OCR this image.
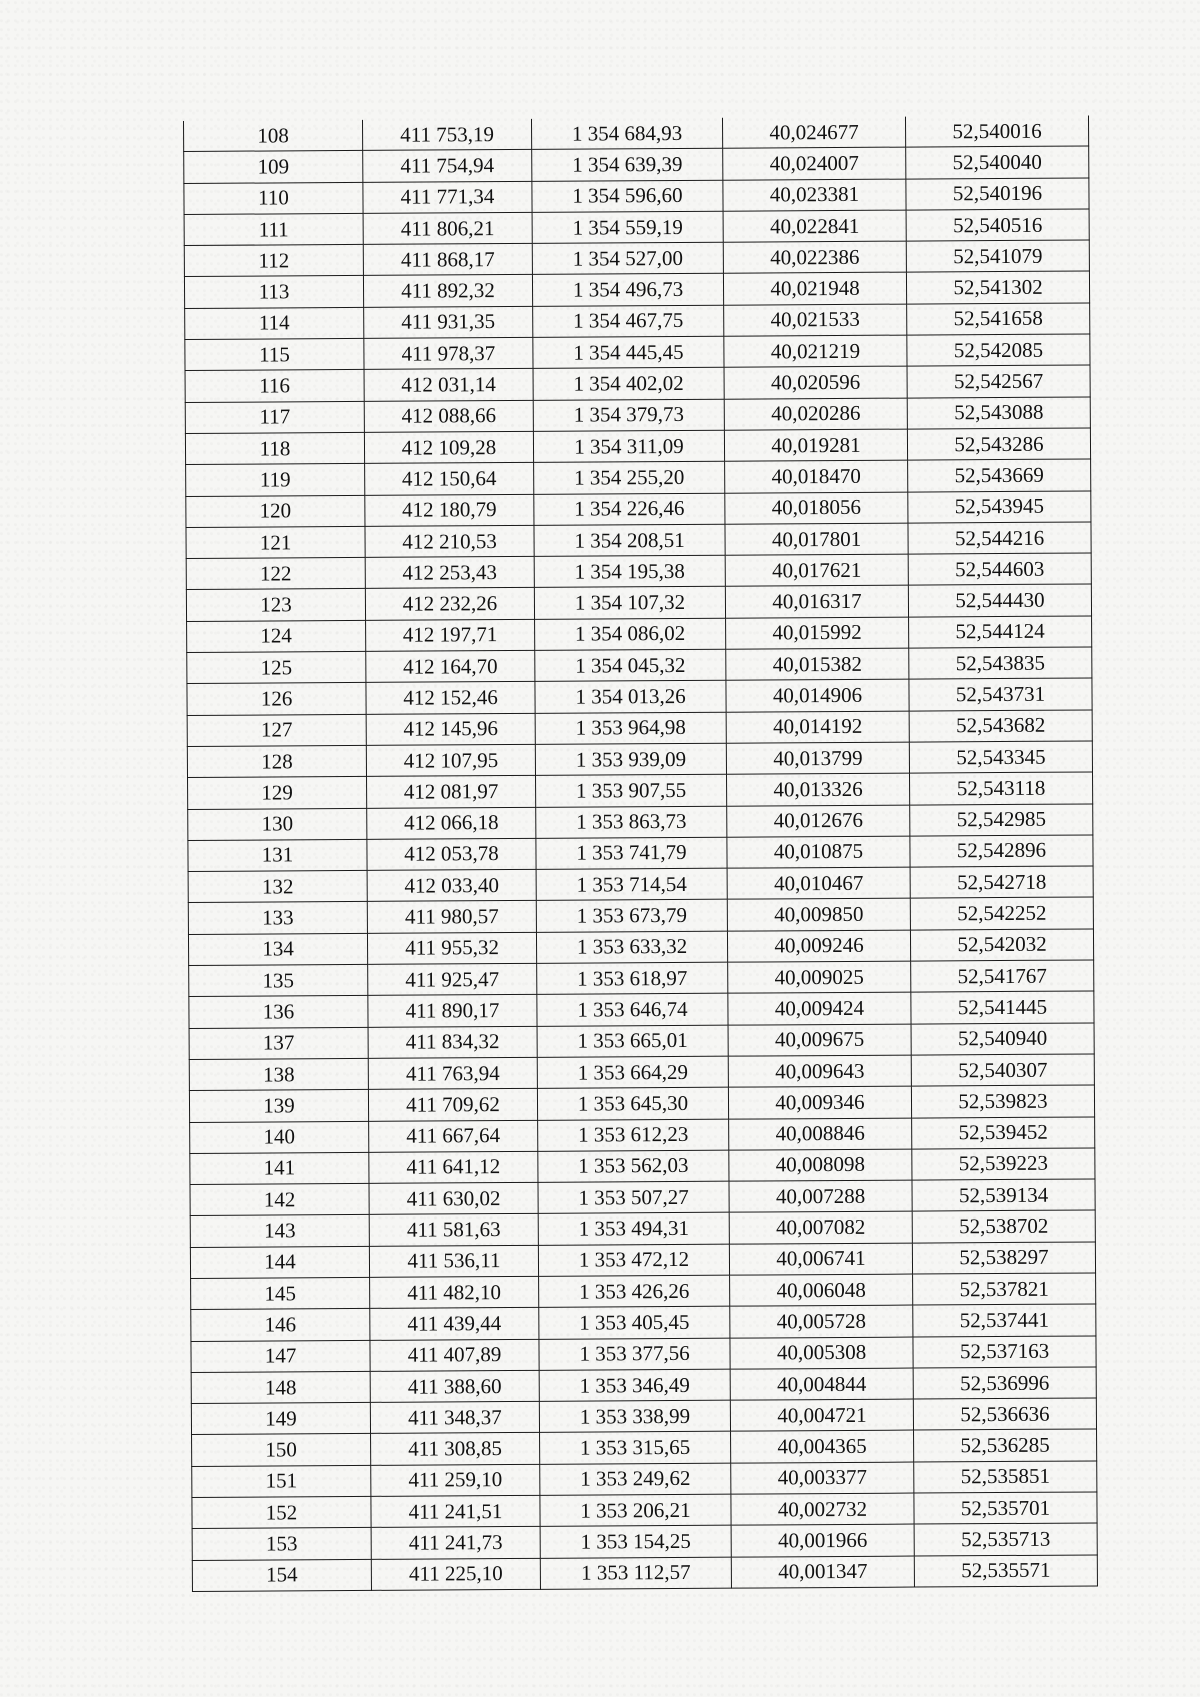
108	411 753,19	1 354 684,93	40,024677	52,540016
109	411 754,94	1 354 639,39	40,024007	52,540040
110	411 771,34	1 354 596,60	40,023381	52,540196
111	411 806,21	1 354 559,19	40,022841	52,540516
112	411 868,17	1 354 527,00	40,022386	52,541079
113	411 892,32	1 354 496,73	40,021948	52,541302
114	411 931,35	1 354 467,75	40,021533	52,541658
115	411 978,37	1 354 445,45	40,021219	52,542085
116	412 031,14	1 354 402,02	40,020596	52,542567
117	412 088,66	1 354 379,73	40,020286	52,543088
118	412 109,28	1 354 311,09	40,019281	52,543286
119	412 150,64	1 354 255,20	40,018470	52,543669
120	412 180,79	1 354 226,46	40,018056	52,543945
121	412 210,53	1 354 208,51	40,017801	52,544216
122	412 253,43	1 354 195,38	40,017621	52,544603
123	412 232,26	1 354 107,32	40,016317	52,544430
124	412 197,71	1 354 086,02	40,015992	52,544124
125	412 164,70	1 354 045,32	40,015382	52,543835
126	412 152,46	1 354 013,26	40,014906	52,543731
127	412 145,96	1 353 964,98	40,014192	52,543682
128	412 107,95	1 353 939,09	40,013799	52,543345
129	412 081,97	1 353 907,55	40,013326	52,543118
130	412 066,18	1 353 863,73	40,012676	52,542985
131	412 053,78	1 353 741,79	40,010875	52,542896
132	412 033,40	1 353 714,54	40,010467	52,542718
133	411 980,57	1 353 673,79	40,009850	52,542252
134	411 955,32	1 353 633,32	40,009246	52,542032
135	411 925,47	1 353 618,97	40,009025	52,541767
136	411 890,17	1 353 646,74	40,009424	52,541445
137	411 834,32	1 353 665,01	40,009675	52,540940
138	411 763,94	1 353 664,29	40,009643	52,540307
139	411 709,62	1 353 645,30	40,009346	52,539823
140	411 667,64	1 353 612,23	40,008846	52,539452
141	411 641,12	1 353 562,03	40,008098	52,539223
142	411 630,02	1 353 507,27	40,007288	52,539134
143	411 581,63	1 353 494,31	40,007082	52,538702
144	411 536,11	1 353 472,12	40,006741	52,538297
145	411 482,10	1 353 426,26	40,006048	52,537821
146	411 439,44	1 353 405,45	40,005728	52,537441
147	411 407,89	1 353 377,56	40,005308	52,537163
148	411 388,60	1 353 346,49	40,004844	52,536996
149	411 348,37	1 353 338,99	40,004721	52,536636
150	411 308,85	1 353 315,65	40,004365	52,536285
151	411 259,10	1 353 249,62	40,003377	52,535851
152	411 241,51	1 353 206,21	40,002732	52,535701
153	411 241,73	1 353 154,25	40,001966	52,535713
154	411 225,10	1 353 112,57	40,001347	52,535571
